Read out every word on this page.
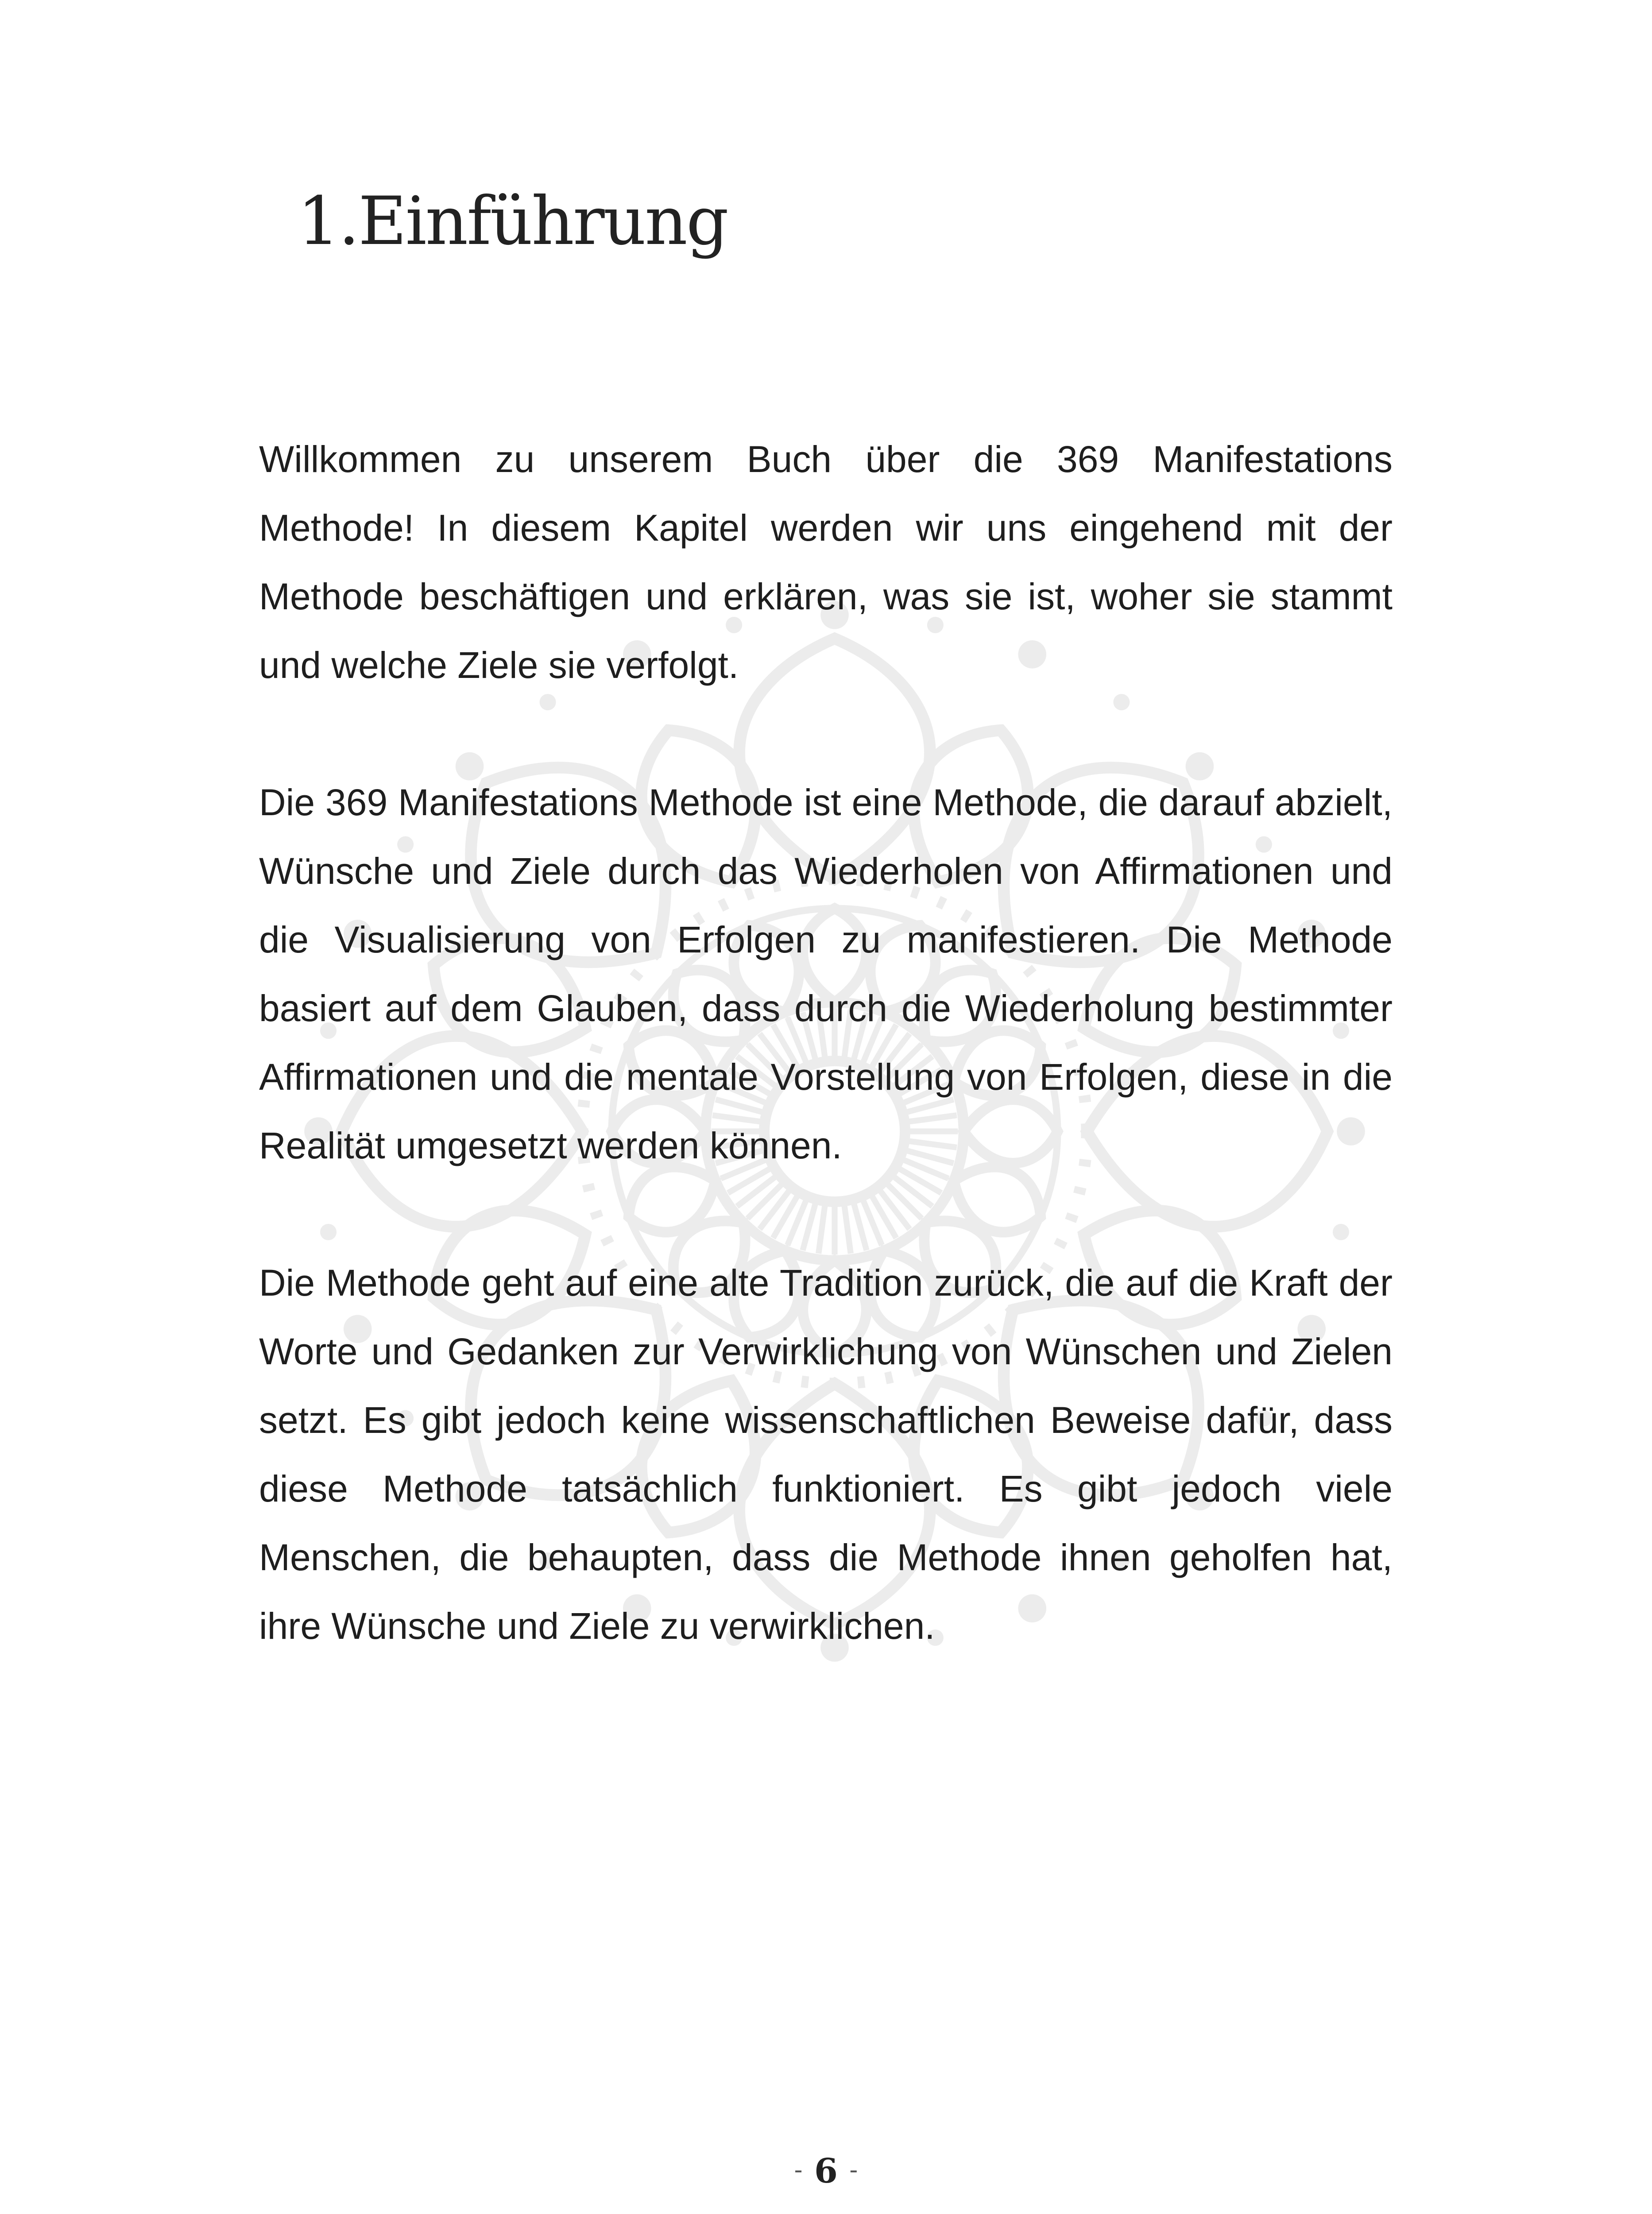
1.Einführung

Willkommen zu unserem Buch über die 369 Manifestations Methode! In diesem Kapitel werden wir uns eingehend mit der Methode beschäftigen und erklären, was sie ist, woher sie stammt und welche Ziele sie verfolgt.

Die 369 Manifestations Methode ist eine Methode, die darauf abzielt, Wünsche und Ziele durch das Wiederholen von Affirmationen und die Visualisierung von Erfolgen zu manifestieren. Die Methode basiert auf dem Glauben, dass durch die Wiederholung bestimmter Affirmationen und die mentale Vorstellung von Erfolgen, diese in die Realität umgesetzt werden können.

Die Methode geht auf eine alte Tradition zurück, die auf die Kraft der Worte und Gedanken zur Verwirklichung von Wünschen und Zielen setzt. Es gibt jedoch keine wissenschaftlichen Beweise dafür, dass diese Methode tatsächlich funktioniert. Es gibt jedoch viele Menschen, die behaupten, dass die Methode ihnen geholfen hat, ihre Wünsche und Ziele zu verwirklichen.

- 6 -
